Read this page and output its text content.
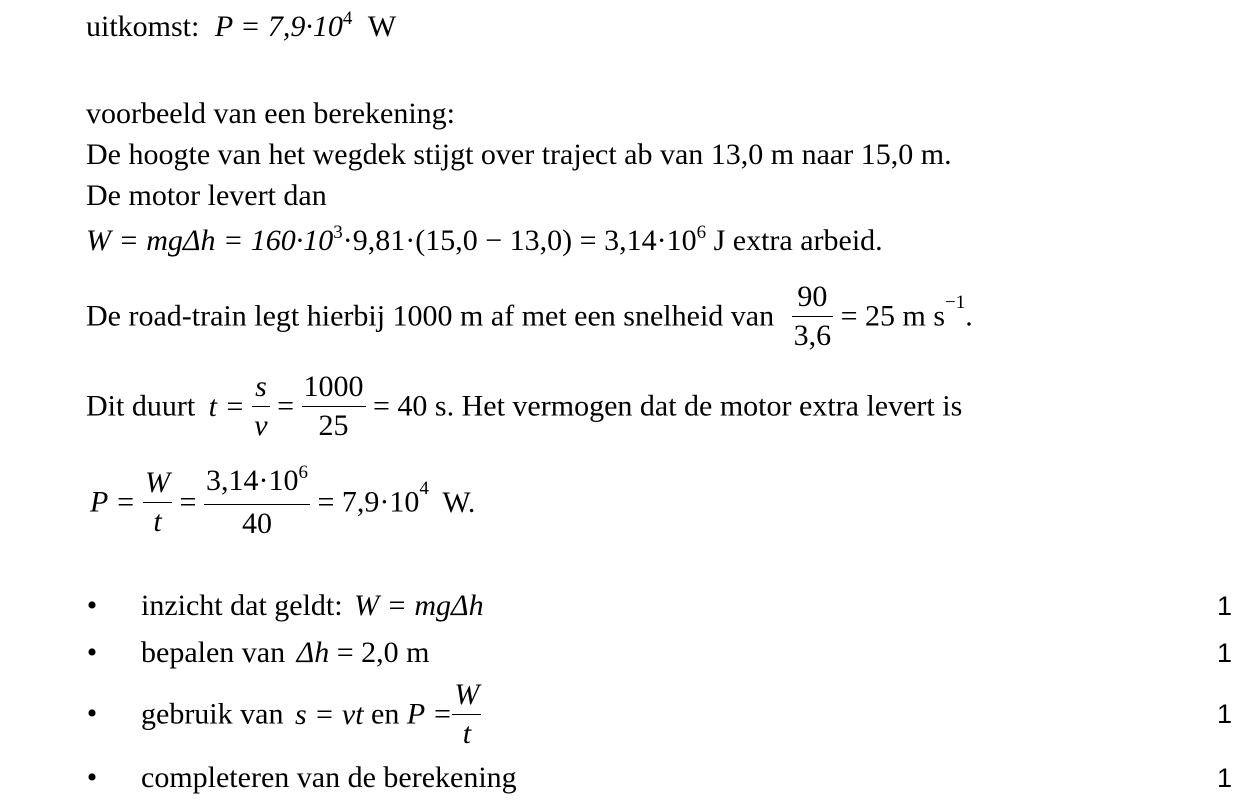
uitkomst: $P = 7,9\cdot 10^4$ W
voorbeeld van een berekening:
De hoogte van het wegdek stijgt over traject ab van 13,0 m naar 15,0 m.
De motor levert dan
$W = mg\Delta h = 160\cdot 10^3\cdot 9,81\cdot(15,0 - 13,0) = 3,14\cdot 10^6$ J extra arbeid.
De road-train legt hierbij 1000 m af met een snelheid van $\frac{90}{3,6} = 25$ m $s^{-1}$.
Dit duurt $t = \frac{s}{v} = \frac{1000}{25} = 40$ s. Het vermogen dat de motor extra levert is
$P = \frac{W}{t} = \frac{3,14\cdot 10^6}{40} = 7,9\cdot 10^4$ W.
• inzicht dat geldt: W = mgΔh	1
• bepalen van Δh = 2,0 m	1
• gebruik van s = vt en $P = \frac{W}{t}$	1
• completeren van de berekening	1
